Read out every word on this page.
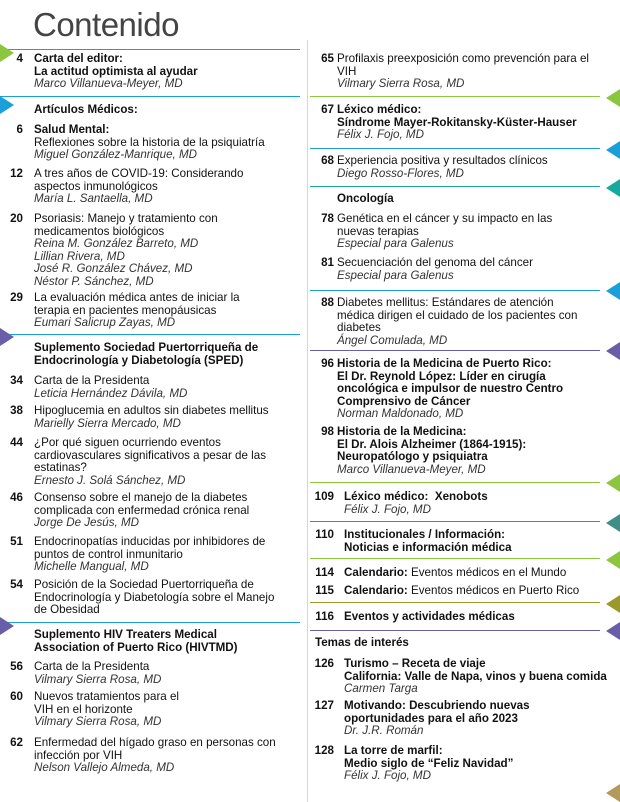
Contenido
4 Carta del editor:
La actitud optimista al ayudar

Marco Villanueva-Meyer, MD

Artículos Médicos:
6 Salud Mental:
Reflexiones sobre la historia de la psiquiatría

Miguel González-Manrique, MD

12 A tres años de COVID-19: Considerando aspectos inmunológicos

María L. Santaella, MD

20 Psoriasis: Manejo y tratamiento con medicamentos biológicos

Reina M. González Barreto, MD

Lillian Rivera, MD

José R. González Chávez, MD

Néstor P. Sánchez, MD

29 La evaluación médica antes de iniciar la terapia en pacientes menopáusicas

Eumari Salicrup Zayas, MD

Suplemento Sociedad Puertorriqueña de Endocrinología y Diabetología (SPED)
34 Carta de la Presidenta

Leticia Hernández Dávila, MD

38 Hipoglucemia en adultos sin diabetes mellitus

Marielly Sierra Mercado, MD

44 ¿Por qué siguen ocurriendo eventos cardiovasculares significativos a pesar de las estatinas?

Ernesto J. Solá Sánchez, MD

46 Consenso sobre el manejo de la diabetes complicada con enfermedad crónica renal

Jorge De Jesús, MD

51 Endocrinopatías inducidas por inhibidores de puntos de control inmunitario

Michelle Mangual, MD

54 Posición de la Sociedad Puertorriqueña de Endocrinología y Diabetología sobre el Manejo de Obesidad

Suplemento HIV Treaters Medical Association of Puerto Rico (HIVTMD)
56 Carta de la Presidenta

Vilmary Sierra Rosa, MD

60 Nuevos tratamientos para el VIH en el horizonte

Vilmary Sierra Rosa, MD

62 Enfermedad del hígado graso en personas con infección por VIH

Nelson Vallejo Almeda, MD

65 Profilaxis preexposición como prevención para el VIH

Vilmary Sierra Rosa, MD

67 Léxico médico:
Síndrome Mayer-Rokitansky-Küster-Hauser

Félix J. Fojo, MD

68 Experiencia positiva y resultados clínicos

Diego Rosso-Flores, MD

Oncología
78 Genética en el cáncer y su impacto en las nuevas terapias

Especial para Galenus

81 Secuenciación del genoma del cáncer

Especial para Galenus

88 Diabetes mellitus: Estándares de atención médica dirigen el cuidado de los pacientes con diabetes

Ángel Comulada, MD

96 Historia de la Medicina de Puerto Rico:
El Dr. Reynold López: Líder en cirugía oncológica e impulsor de nuestro Centro Comprensivo de Cáncer

Norman Maldonado, MD

98 Historia de la Medicina:
El Dr. Alois Alzheimer (1864-1915): Neuropatólogo y psiquiatra

Marco Villanueva-Meyer, MD

109 Léxico médico: Xenobots

Félix J. Fojo, MD

110 Institucionales / Información:
Noticias e información médica

114 Calendario: Eventos médicos en el Mundo

115 Calendario: Eventos médicos en Puerto Rico

116 Eventos y actividades médicas

Temas de interés
126 Turismo – Receta de viaje
California: Valle de Napa, vinos y buena comida

Carmen Targa

127 Motivando: Descubriendo nuevas oportunidades para el año 2023

Dr. J.R. Román

128 La torre de marfil:
Medio siglo de “Feliz Navidad”

Félix J. Fojo, MD
